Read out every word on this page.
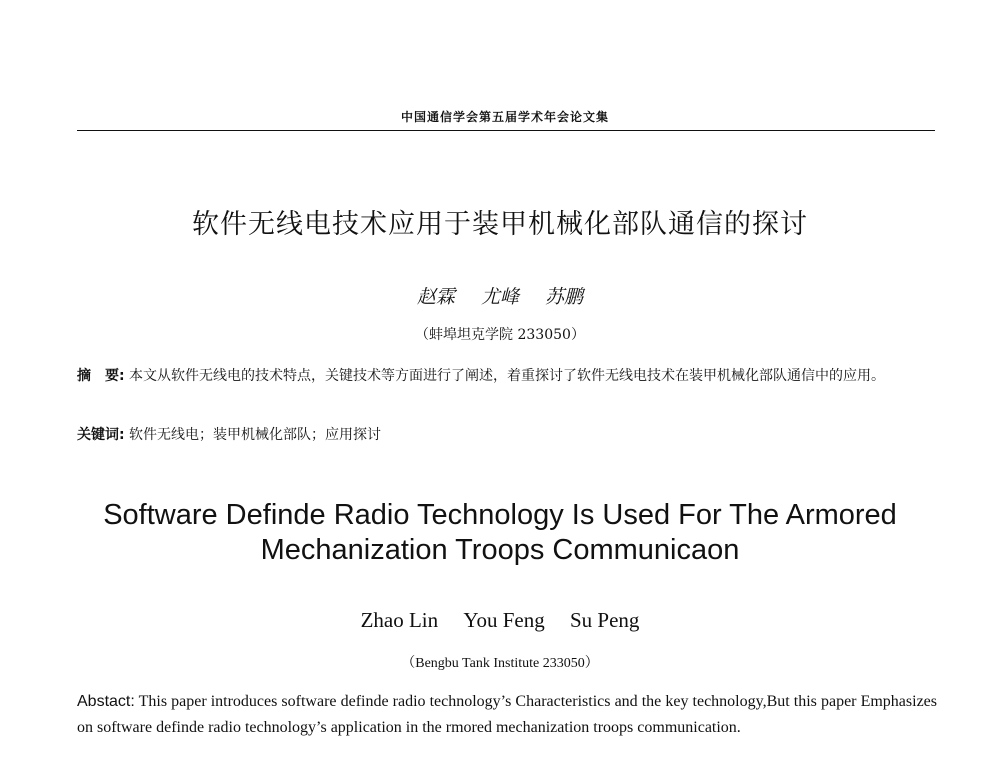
中国通信学会第五届学术年会论文集
软件无线电技术应用于装甲机械化部队通信的探讨
赵霖 尤峰 苏鹏
（蚌埠坦克学院 233050）
摘　要: 本文从软件无线电的技术特点，关键技术等方面进行了阐述，着重探讨了软件无线电技术在装甲机械化部队通信中的应用。
关键词: 软件无线电；装甲机械化部队；应用探讨
Software Definde Radio Technology Is Used For The Armored Mechanization Troops Communicaon
Zhao Lin You Feng Su Peng
（Bengbu Tank Institute 233050）
Abstact: This paper introduces software definde radio technology’s Characteristics and the key technology,But this paper Emphasizes on software definde radio technology’s application in the rmored mechanization troops communication.
